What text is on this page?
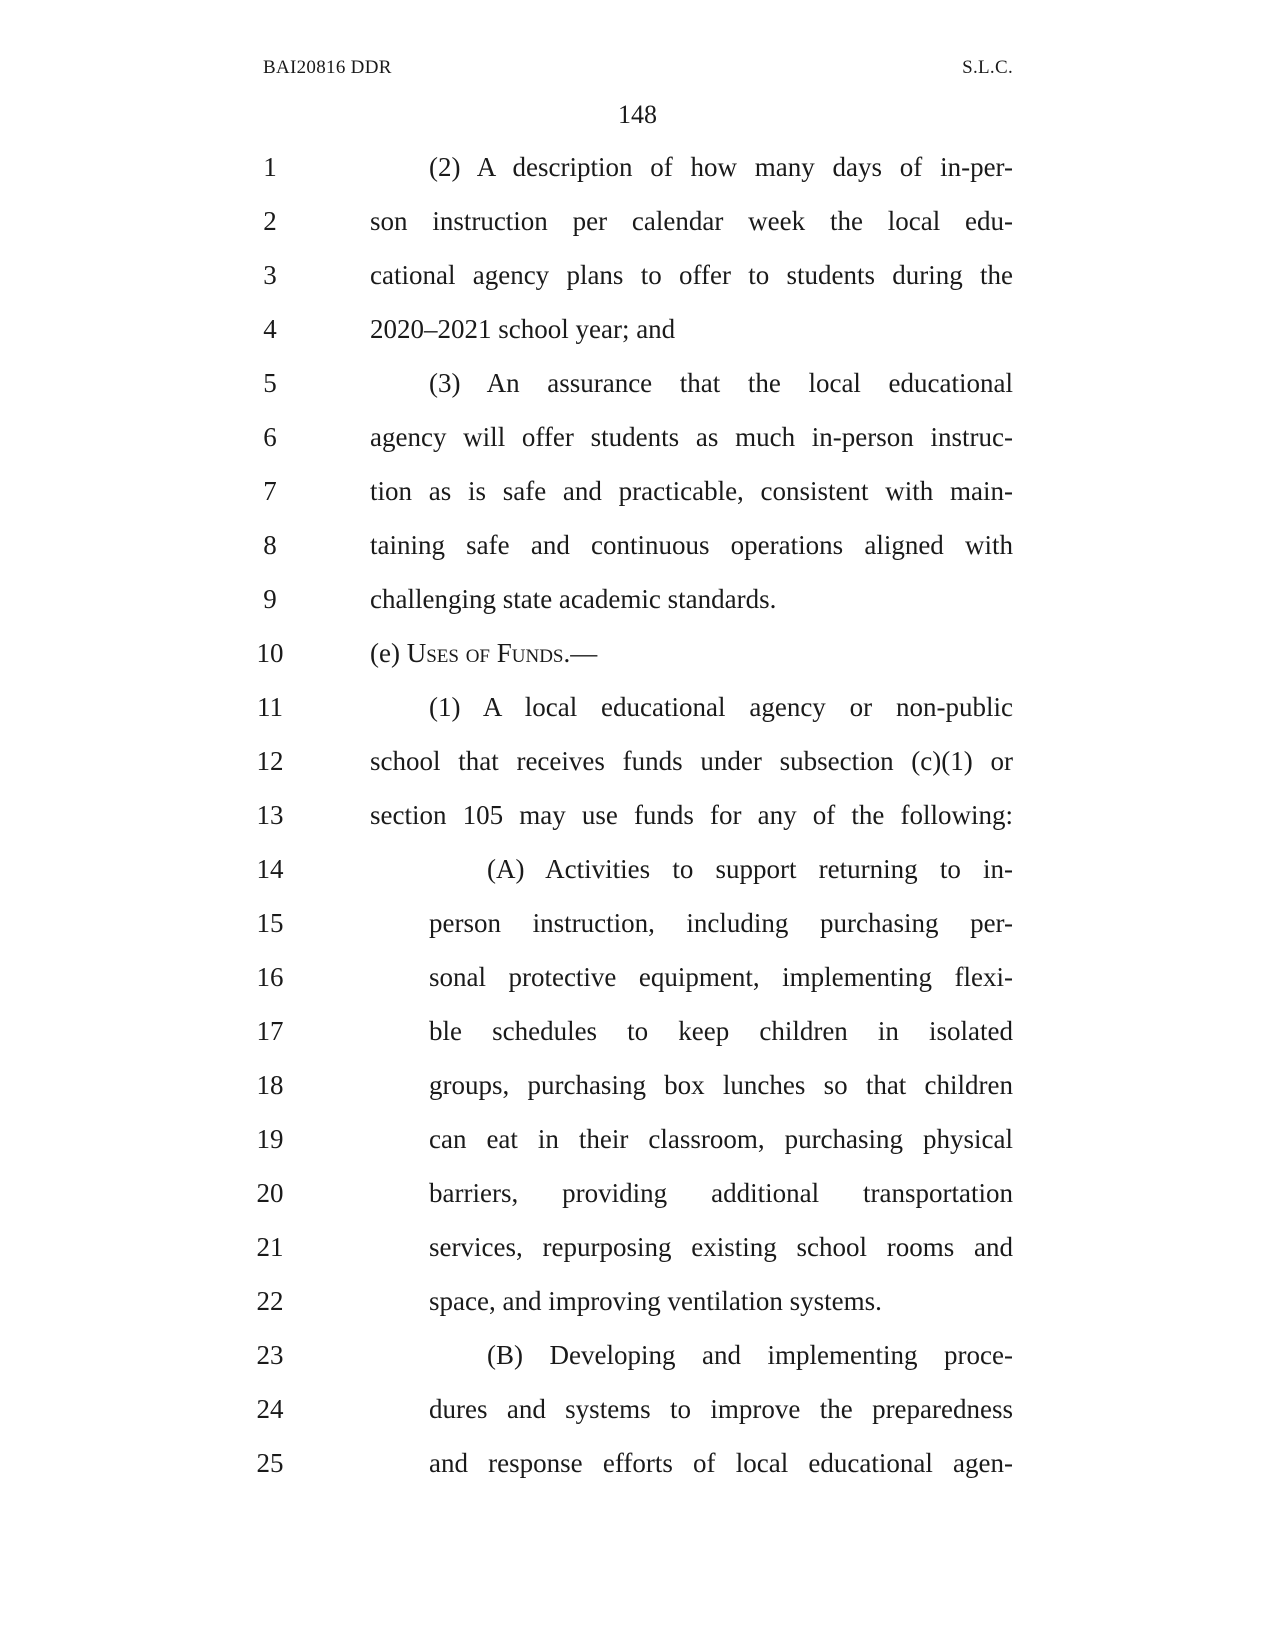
BAI20816 DDR	S.L.C.
148
1	(2) A description of how many days of in-per-
2	son instruction per calendar week the local edu-
3	cational agency plans to offer to students during the
4	2020–2021 school year; and
5	(3) An assurance that the local educational
6	agency will offer students as much in-person instruc-
7	tion as is safe and practicable, consistent with main-
8	taining safe and continuous operations aligned with
9	challenging state academic standards.
10	(e) Uses of Funds.—
11	(1) A local educational agency or non-public
12	school that receives funds under subsection (c)(1) or
13	section 105 may use funds for any of the following:
14	(A) Activities to support returning to in-
15	person instruction, including purchasing per-
16	sonal protective equipment, implementing flexi-
17	ble schedules to keep children in isolated
18	groups, purchasing box lunches so that children
19	can eat in their classroom, purchasing physical
20	barriers, providing additional transportation
21	services, repurposing existing school rooms and
22	space, and improving ventilation systems.
23	(B) Developing and implementing proce-
24	dures and systems to improve the preparedness
25	and response efforts of local educational agen-
